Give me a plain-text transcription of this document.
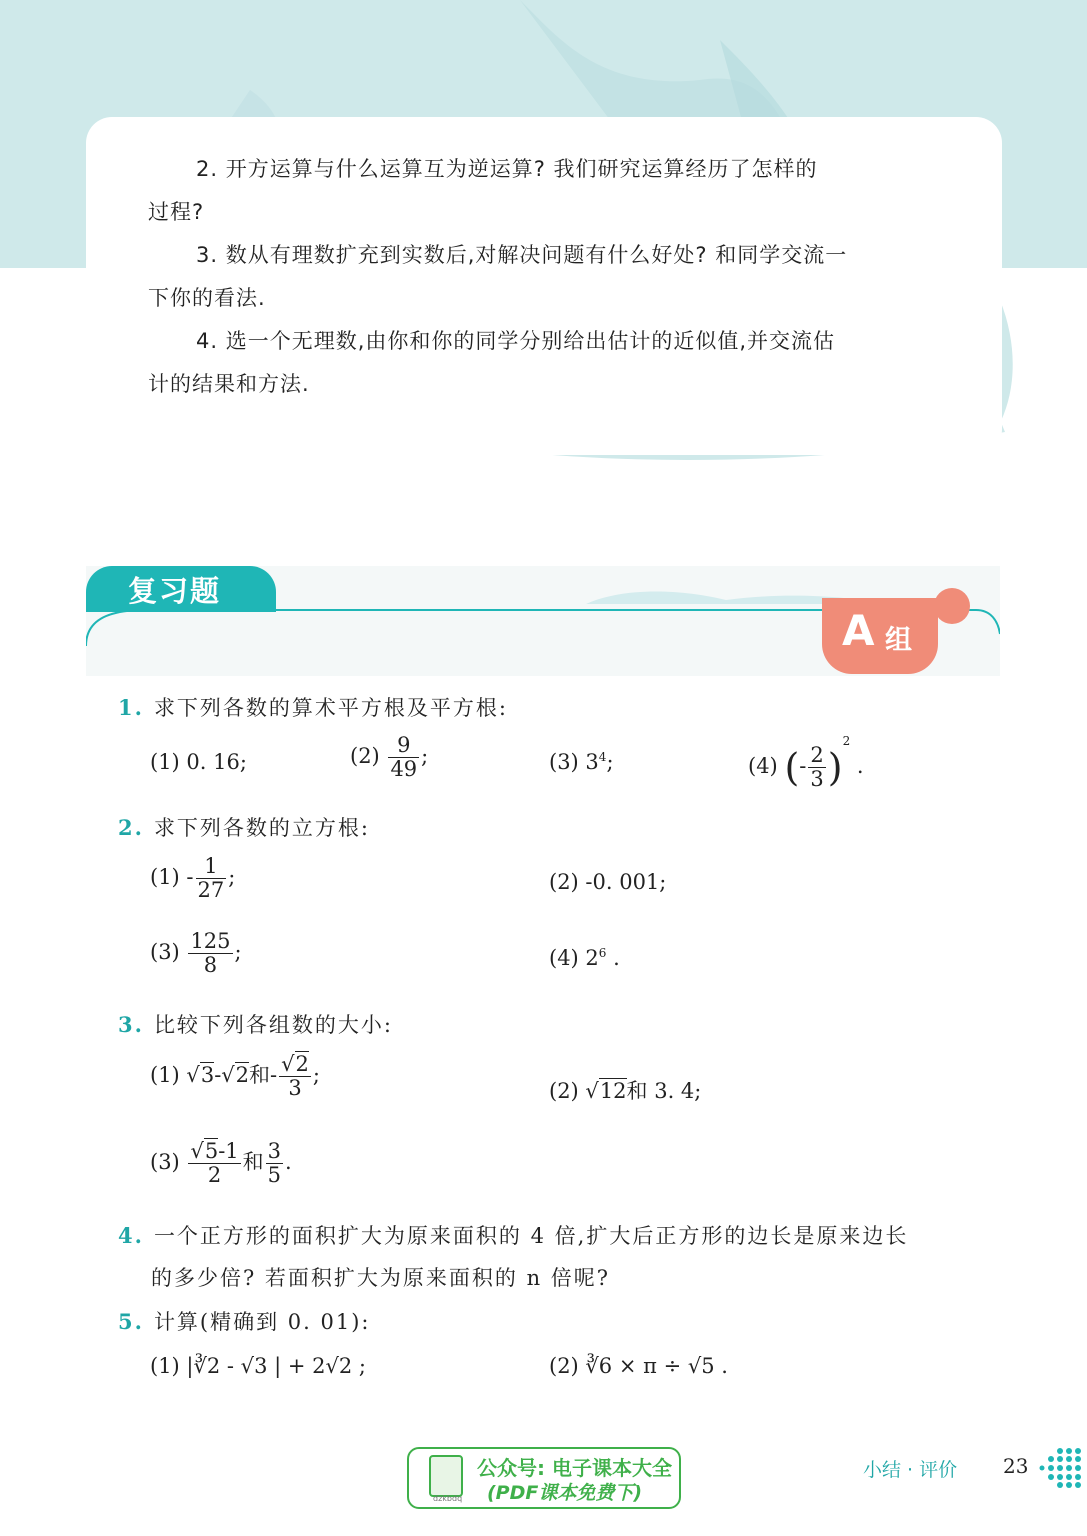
2. 开方运算与什么运算互为逆运算? 我们研究运算经历了怎样的

过程?

3. 数从有理数扩充到实数后,对解决问题有什么好处? 和同学交流一

下你的看法.

4. 选一个无理数,由你和你的同学分别给出估计的近似值,并交流估

计的结果和方法.

复习题
A 组
1. 求下列各数的算术平方根及平方根:
(1) 0. 16;	$(2) \frac{9}{49}$ ;	(3) $3^4$;	(4) (- $\frac{2}{3} )^2$ .
2. 求下列各数的立方根:
$(1) - \frac{1}{27}$ ;	(2) -0. 001;
$(3) \frac{125}{8}$ ;	(4) $2^6$ .
3. 比较下列各组数的大小:
(1) √3-√2和- $\frac{√2}{3}$ ;
(2) √12和 3. 4;
$(3) \frac{√5-1}{2}$ 和 $\frac{3}{5}$ .
4. 一个正方形的面积扩大为原来面积的 4 倍,扩大后正方形的边长是原来边长
的多少倍? 若面积扩大为原来面积的 n 倍呢?
5. 计算(精确到 0. 01):
(1) |∛2 - √3 | + 2√2 ;	(2) ∛6 × π ÷ √5 .
dzkbdq
公众号: 电子课本大全
(PDF课本免费下)
小结 · 评价 23
